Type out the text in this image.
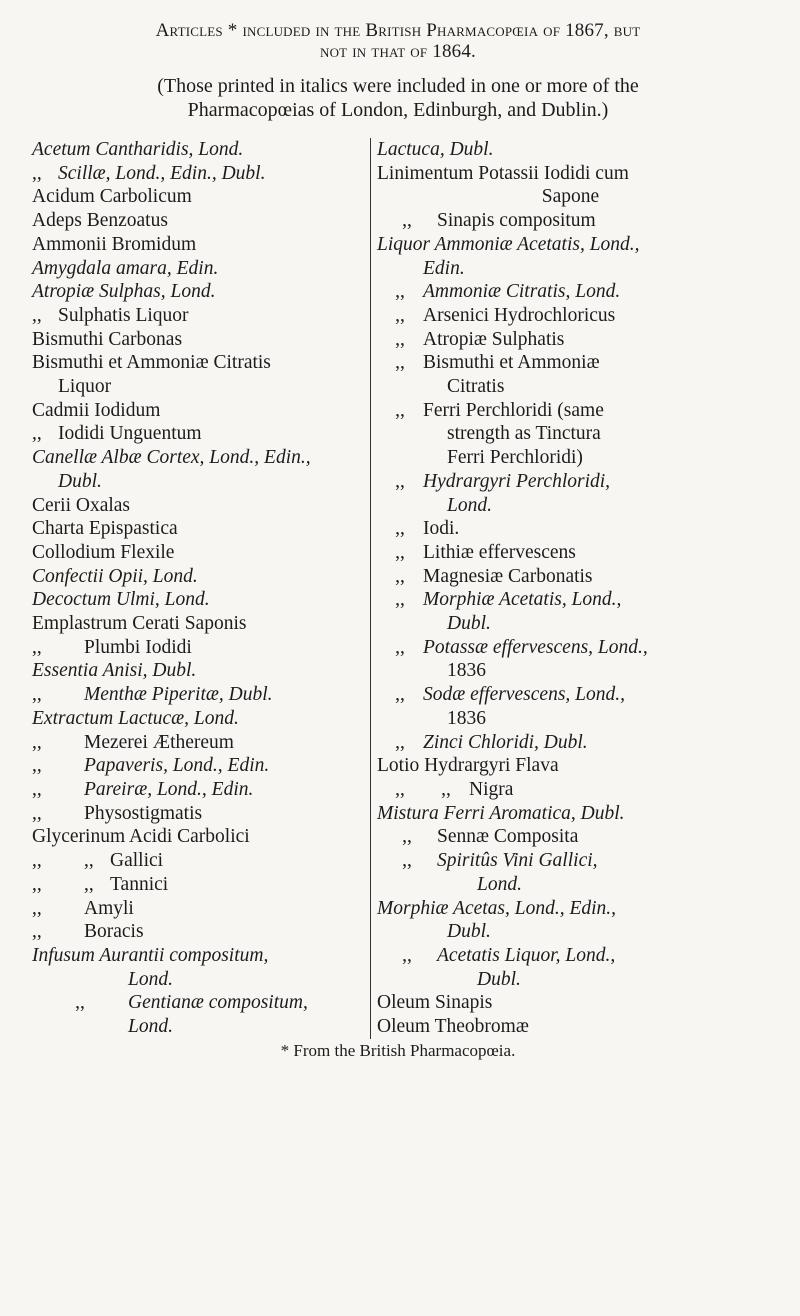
Articles * included in the British Pharmacopœia of 1867, but
not in that of 1864.
(Those printed in italics were included in one or more of the
Pharmacopœias of London, Edinburgh, and Dublin.)
Acetum Cantharidis, Lond.
,, Scillæ, Lond., Edin., Dubl.
Acidum Carbolicum
Adeps Benzoatus
Ammonii Bromidum
Amygdala amara, Edin.
Atropiæ Sulphas, Lond.
,, Sulphatis Liquor
Bismuthi Carbonas
Bismuthi et Ammoniæ Citratis
Liquor
Cadmii Iodidum
,, Iodidi Unguentum
Canellæ Albæ Cortex, Lond., Edin.,
Dubl.
Cerii Oxalas
Charta Epispastica
Collodium Flexile
Confectii Opii, Lond.
Decoctum Ulmi, Lond.
Emplastrum Cerati Saponis
,, Plumbi Iodidi
Essentia Anisi, Dubl.
,, Menthæ Piperitæ, Dubl.
Extractum Lactucæ, Lond.
,, Mezerei Æthereum
,, Papaveris, Lond., Edin.
,, Pareiræ, Lond., Edin.
,, Physostigmatis
Glycerinum Acidi Carbolici
,, ,, Gallici
,, ,, Tannici
,, Amyli
,, Boracis
Infusum Aurantii compositum,
Lond.
,, Gentianæ compositum,
Lond.
Lactuca, Dubl.
Linimentum Potassii Iodidi cum
Sapone
,, Sinapis compositum
Liquor Ammoniæ Acetatis, Lond.,
Edin.
,, Ammoniæ Citratis, Lond.
,, Arsenici Hydrochloricus
,, Atropiæ Sulphatis
,, Bismuthi et Ammoniæ
Citratis
,, Ferri Perchloridi (same
strength as Tinctura
Ferri Perchloridi)
,, Hydrargyri Perchloridi,
Lond.
,, Iodi.
,, Lithiæ effervescens
,, Magnesiæ Carbonatis
,, Morphiæ Acetatis, Lond.,
Dubl.
,, Potassæ effervescens, Lond.,
1836
,, Sodæ effervescens, Lond.,
1836
,, Zinci Chloridi, Dubl.
Lotio Hydrargyri Flava
,, ,, Nigra
Mistura Ferri Aromatica, Dubl.
,, Sennæ Composita
,, Spiritûs Vini Gallici,
Lond.
Morphiæ Acetas, Lond., Edin.,
Dubl.
,, Acetatis Liquor, Lond.,
Dubl.
Oleum Sinapis
Oleum Theobromæ
* From the British Pharmacopœia.
